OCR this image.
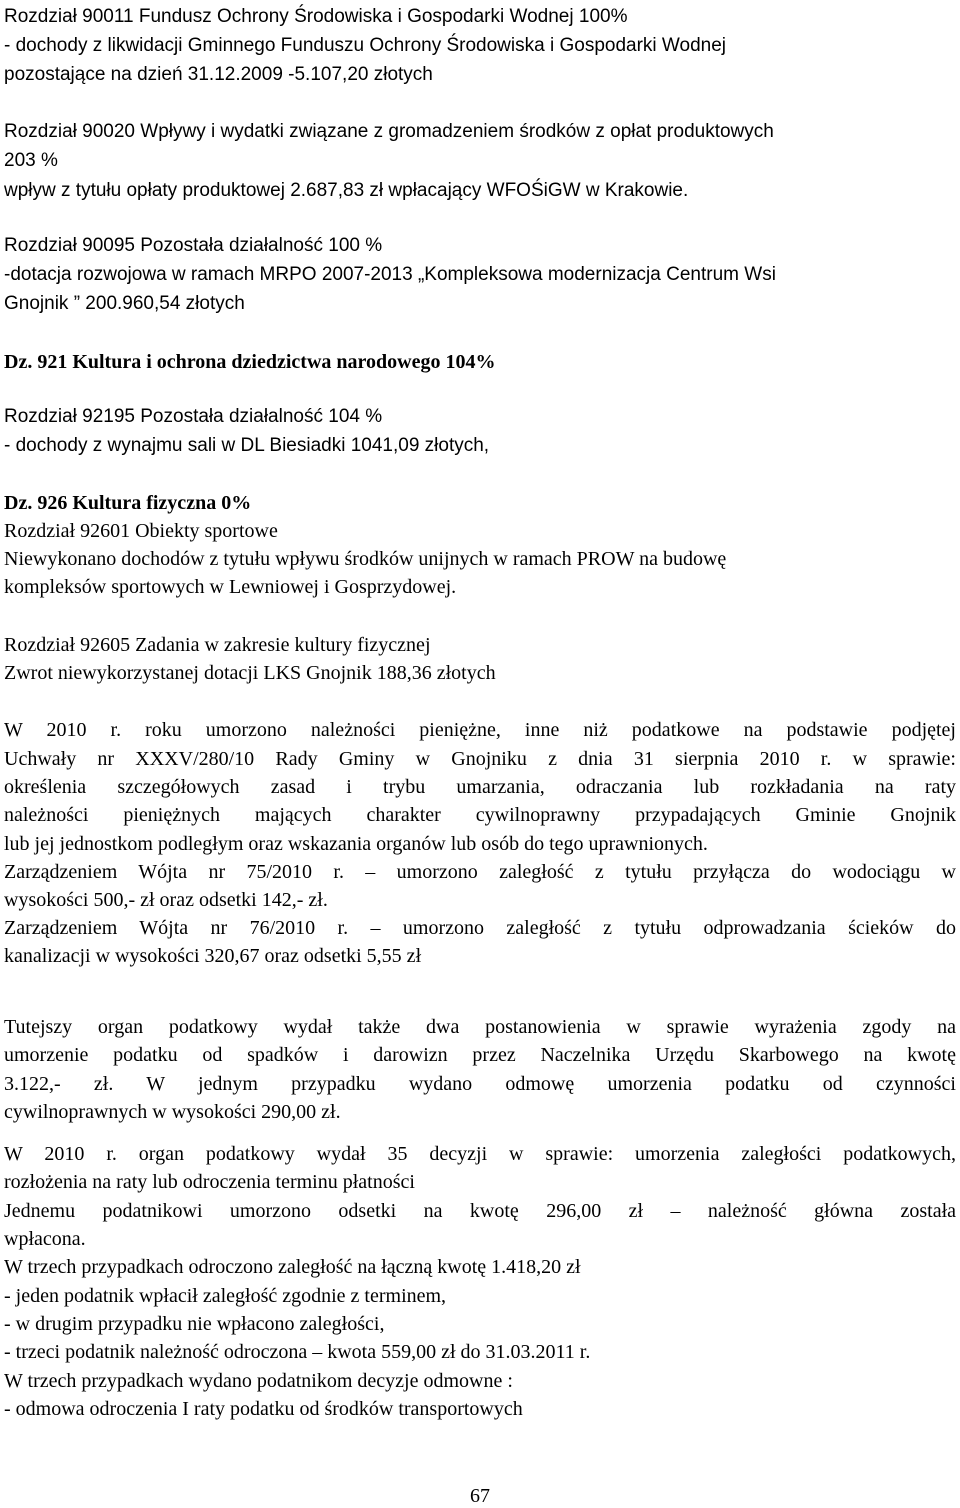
Rozdział 90011 Fundusz Ochrony Środowiska i Gospodarki Wodnej 100%
- dochody z likwidacji Gminnego Funduszu Ochrony Środowiska i Gospodarki Wodnej
pozostające na dzień 31.12.2009 -5.107,20 złotych
Rozdział 90020 Wpływy i wydatki związane z gromadzeniem środków z opłat produktowych
203 %
wpływ z tytułu opłaty produktowej 2.687,83 zł wpłacający WFOŚiGW w Krakowie.
Rozdział 90095 Pozostała działalność 100 %
-dotacja rozwojowa w ramach MRPO 2007-2013 „Kompleksowa modernizacja Centrum Wsi
Gnojnik ” 200.960,54 złotych
Dz. 921 Kultura i ochrona dziedzictwa narodowego 104%
Rozdział 92195 Pozostała działalność 104 %
- dochody z wynajmu sali w DL Biesiadki 1041,09 złotych,
Dz. 926 Kultura fizyczna 0%
Rozdział 92601 Obiekty sportowe
Niewykonano dochodów z tytułu wpływu środków unijnych w ramach PROW na budowę
kompleksów sportowych w Lewniowej i Gosprzydowej.
Rozdział 92605 Zadania w zakresie kultury fizycznej
Zwrot niewykorzystanej dotacji LKS Gnojnik 188,36 złotych
W 2010 r. roku umorzono należności pieniężne, inne niż podatkowe na podstawie podjętej
Uchwały nr XXXV/280/10 Rady Gminy w Gnojniku z dnia 31 sierpnia 2010 r. w sprawie:
określenia szczegółowych zasad i trybu umarzania, odraczania lub rozkładania na raty
należności pieniężnych mających charakter cywilnoprawny przypadających Gminie Gnojnik
lub jej jednostkom podległym oraz wskazania organów lub osób do tego uprawnionych.
Zarządzeniem Wójta nr 75/2010 r. – umorzono zaległość z tytułu przyłącza do wodociągu w
wysokości 500,- zł oraz odsetki 142,- zł.
Zarządzeniem Wójta nr 76/2010 r. – umorzono zaległość z tytułu odprowadzania ścieków do
kanalizacji w wysokości 320,67 oraz odsetki 5,55 zł
Tutejszy organ podatkowy wydał także dwa postanowienia w sprawie wyrażenia zgody na
umorzenie podatku od spadków i darowizn przez Naczelnika Urzędu Skarbowego na kwotę
3.122,- zł. W jednym przypadku wydano odmowę umorzenia podatku od czynności
cywilnoprawnych w wysokości 290,00 zł.
W 2010 r. organ podatkowy wydał 35 decyzji w sprawie: umorzenia zaległości podatkowych,
rozłożenia na raty lub odroczenia terminu płatności
Jednemu podatnikowi umorzono odsetki na kwotę 296,00 zł – należność główna została
wpłacona.
W trzech przypadkach odroczono zaległość na łączną kwotę 1.418,20 zł
- jeden podatnik wpłacił zaległość zgodnie z terminem,
- w drugim przypadku nie wpłacono zaległości,
- trzeci podatnik należność odroczona – kwota 559,00 zł do 31.03.2011 r.
W trzech przypadkach wydano podatnikom decyzje odmowne :
- odmowa odroczenia I raty podatku od środków transportowych
67
